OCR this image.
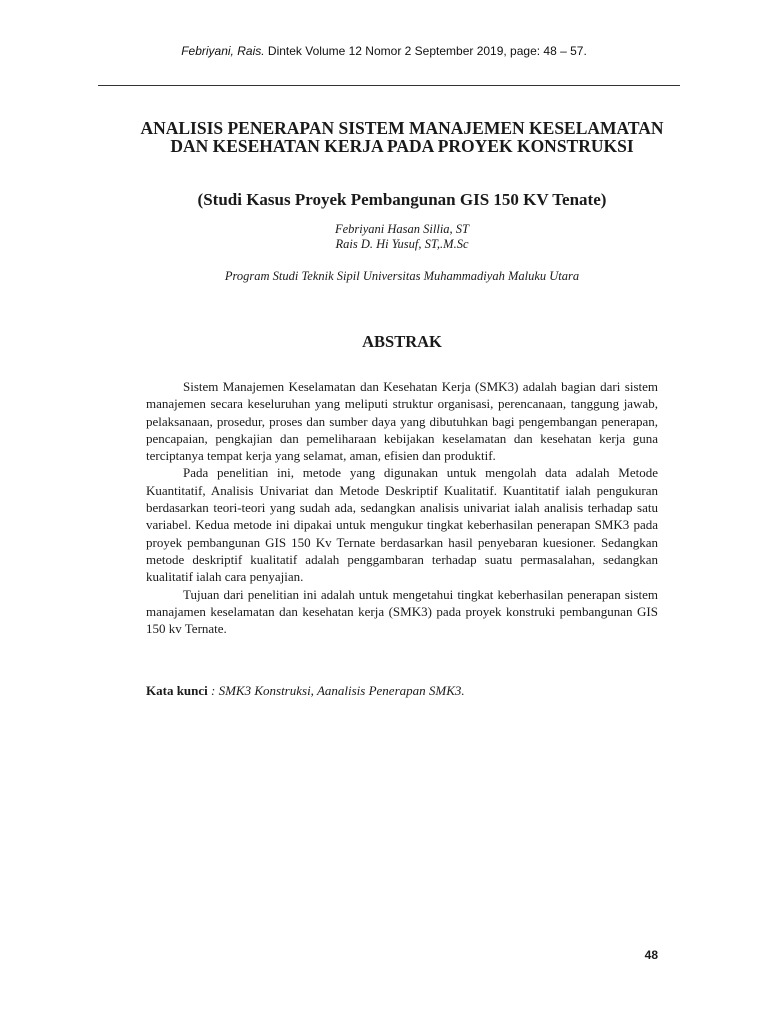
Febriyani, Rais. Dintek Volume 12 Nomor 2 September 2019, page: 48 – 57.
ANALISIS PENERAPAN SISTEM MANAJEMEN KESELAMATAN DAN KESEHATAN KERJA PADA PROYEK KONSTRUKSI
(Studi Kasus Proyek Pembangunan GIS 150 KV Tenate)
Febriyani Hasan Sillia, ST
Rais D. Hi Yusuf, ST,.M.Sc
Program Studi Teknik Sipil Universitas Muhammadiyah Maluku Utara
ABSTRAK

Sistem Manajemen Keselamatan dan Kesehatan Kerja (SMK3) adalah bagian dari sistem manajemen secara keseluruhan yang meliputi struktur organisasi, perencanaan, tanggung jawab, pelaksanaan, prosedur, proses dan sumber daya yang dibutuhkan bagi pengembangan penerapan, pencapaian, pengkajian dan pemeliharaan kebijakan keselamatan dan kesehatan kerja guna terciptanya tempat kerja yang selamat, aman, efisien dan produktif.

Pada penelitian ini, metode yang digunakan untuk mengolah data adalah Metode Kuantitatif, Analisis Univariat dan Metode Deskriptif Kualitatif. Kuantitatif ialah pengukuran berdasarkan teori-teori yang sudah ada, sedangkan analisis univariat ialah analisis terhadap satu variabel. Kedua metode ini dipakai untuk mengukur tingkat keberhasilan penerapan SMK3 pada proyek pembangunan GIS 150 Kv Ternate berdasarkan hasil penyebaran kuesioner. Sedangkan metode deskriptif kualitatif adalah penggambaran terhadap suatu permasalahan, sedangkan kualitatif ialah cara penyajian.

Tujuan dari penelitian ini adalah untuk mengetahui tingkat keberhasilan penerapan sistem manajamen keselamatan dan kesehatan kerja (SMK3) pada proyek konstruki pembangunan GIS 150 kv Ternate.

Kata kunci : SMK3 Konstruksi, Aanalisis Penerapan SMK3.
48
